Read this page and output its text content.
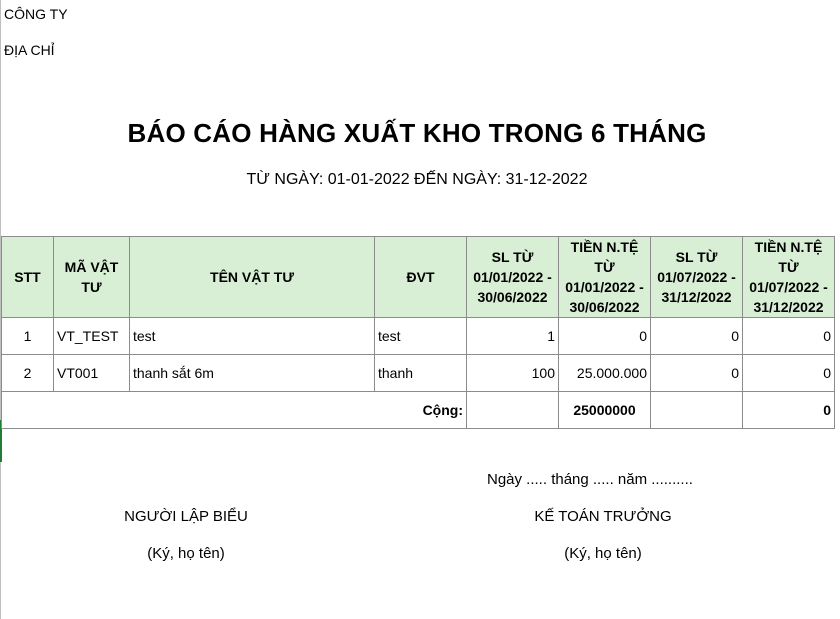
CÔNG TY
ĐỊA CHỈ
BÁO CÁO HÀNG XUẤT KHO TRONG 6 THÁNG
TỪ NGÀY: 01-01-2022 ĐẾN NGÀY: 31-12-2022
STT	MÃ VẬT TƯ	TÊN VẬT TƯ	ĐVT	SL TỪ 01/01/2022 - 30/06/2022	TIỀN N.TỆ TỪ 01/01/2022 - 30/06/2022	SL TỪ 01/07/2022 - 31/12/2022	TIỀN N.TỆ TỪ 01/07/2022 - 31/12/2022
1	VT_TEST	test	test	1	0	0	0
2	VT001	thanh sắt 6m	thanh	100	25.000.000	0	0
Cộng:					25000000		0
Ngày ..... tháng ..... năm ..........
NGƯỜI LẬP BIỂU
(Ký, họ tên)
KẾ TOÁN TRƯỞNG
(Ký, họ tên)
